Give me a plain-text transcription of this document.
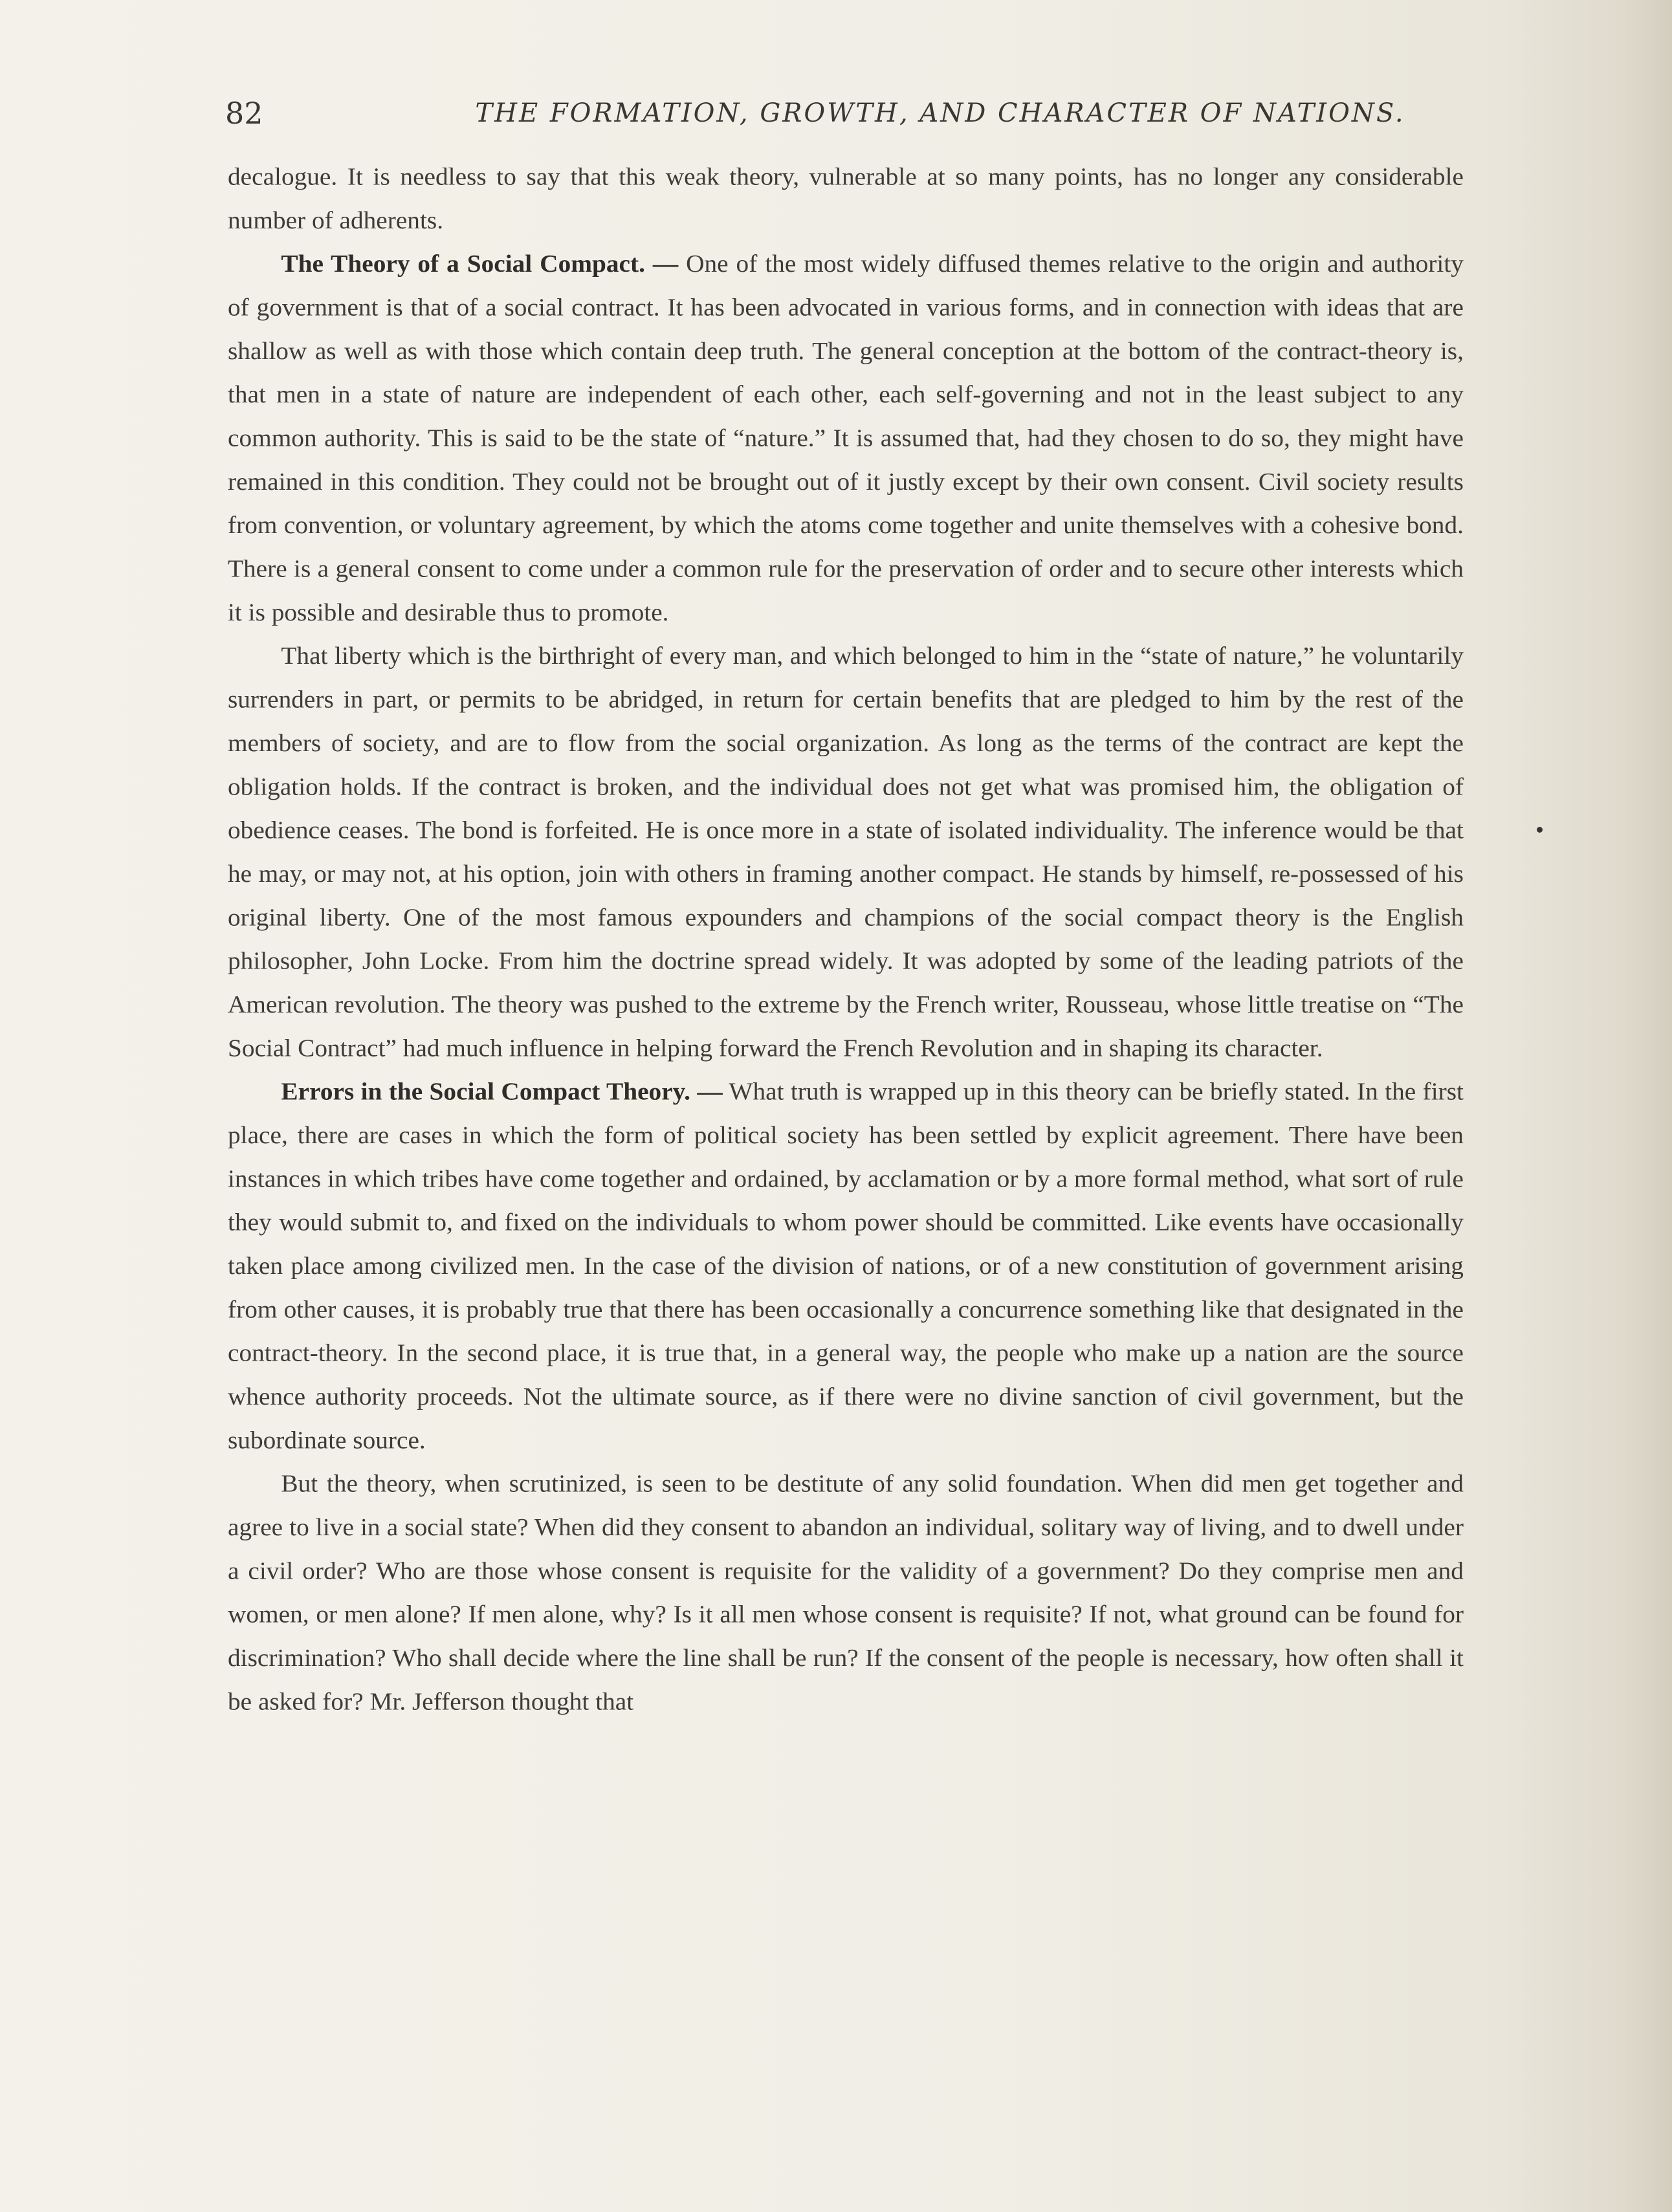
82	THE FORMATION, GROWTH, AND CHARACTER OF NATIONS.

decalogue. It is needless to say that this weak theory, vulnerable at so many points, has no longer any considerable number of adherents.

The Theory of a Social Compact. — One of the most widely diffused themes relative to the origin and authority of government is that of a social contract. It has been advocated in various forms, and in connection with ideas that are shallow as well as with those which contain deep truth. The general conception at the bottom of the contract-theory is, that men in a state of nature are independent of each other, each self-governing and not in the least subject to any common authority. This is said to be the state of “nature.” It is assumed that, had they chosen to do so, they might have remained in this condition. They could not be brought out of it justly except by their own consent. Civil society results from convention, or voluntary agreement, by which the atoms come together and unite themselves with a cohesive bond. There is a general consent to come under a common rule for the preservation of order and to secure other interests which it is possible and desirable thus to promote.

That liberty which is the birthright of every man, and which belonged to him in the “state of nature,” he voluntarily surrenders in part, or permits to be abridged, in return for certain benefits that are pledged to him by the rest of the members of society, and are to flow from the social organization. As long as the terms of the contract are kept the obligation holds. If the contract is broken, and the individual does not get what was promised him, the obligation of obedience ceases. The bond is forfeited. He is once more in a state of isolated individuality. The inference would be that he may, or may not, at his option, join with others in framing another compact. He stands by himself, re-possessed of his original liberty. One of the most famous expounders and champions of the social compact theory is the English philosopher, John Locke. From him the doctrine spread widely. It was adopted by some of the leading patriots of the American revolution. The theory was pushed to the extreme by the French writer, Rousseau, whose little treatise on “The Social Contract” had much influence in helping forward the French Revolution and in shaping its character.

Errors in the Social Compact Theory. — What truth is wrapped up in this theory can be briefly stated. In the first place, there are cases in which the form of political society has been settled by explicit agreement. There have been instances in which tribes have come together and ordained, by acclamation or by a more formal method, what sort of rule they would submit to, and fixed on the individuals to whom power should be committed. Like events have occasionally taken place among civilized men. In the case of the division of nations, or of a new constitution of government arising from other causes, it is probably true that there has been occasionally a concurrence something like that designated in the contract-theory. In the second place, it is true that, in a general way, the people who make up a nation are the source whence authority proceeds. Not the ultimate source, as if there were no divine sanction of civil government, but the subordinate source.

But the theory, when scrutinized, is seen to be destitute of any solid foundation. When did men get together and agree to live in a social state? When did they consent to abandon an individual, solitary way of living, and to dwell under a civil order? Who are those whose consent is requisite for the validity of a government? Do they comprise men and women, or men alone? If men alone, why? Is it all men whose consent is requisite? If not, what ground can be found for discrimination? Who shall decide where the line shall be run? If the consent of the people is necessary, how often shall it be asked for? Mr. Jefferson thought that
